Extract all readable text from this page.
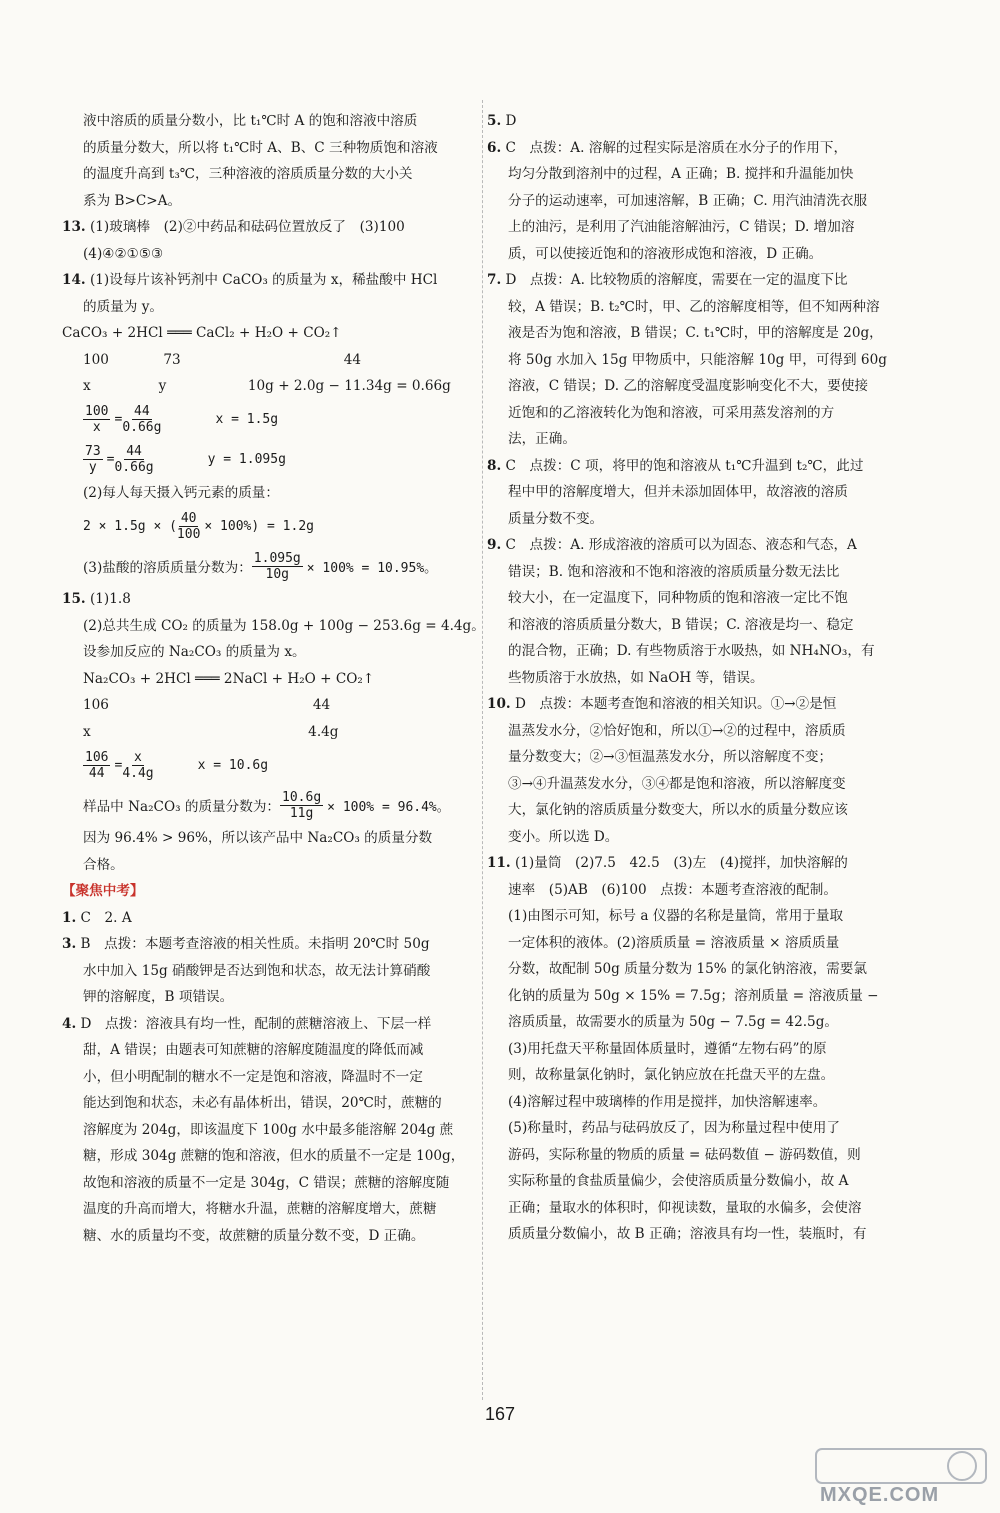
液中溶质的质量分数小，比 t₁℃时 A 的饱和溶液中溶质
的质量分数大，所以将 t₁℃时 A、B、C 三种物质饱和溶液
的温度升高到 t₃℃，三种溶液的溶质质量分数的大小关
系为 B>C>A。
13. (1)玻璃棒　(2)②中药品和砝码位置放反了　(3)100
(4)④②①⑤③
14. (1)设每片该补钙剂中 CaCO₃ 的质量为 x，稀盐酸中 HCl
的质量为 y。
CaCO₃ + 2HCl ═══ CaCl₂ + H₂O + CO₂↑
100　　　　73　　　　　　　　　　　　44
x　　　　　y　　　　　　10g + 2.0g − 11.34g = 0.66g
$\frac{100}{x} = \frac{44}{0.66g}$	x = 1.5g
$\frac{73}{y} = \frac{44}{0.66g}$	y = 1.095g
(2)每人每天摄入钙元素的质量：
2 × 1.5g × ( $\frac{40}{100} \times 100\%) = 1.2g$
(3)盐酸的溶质质量分数为： $\frac{1.095g}{10g} \times 100\% = 10.95\%$。
15. (1)1.8
(2)总共生成 CO₂ 的质量为 158.0g + 100g − 253.6g = 4.4g。
设参加反应的 Na₂CO₃ 的质量为 x。
Na₂CO₃ + 2HCl ═══ 2NaCl + H₂O + CO₂↑
106　　　　　　　　　　　　　　　44
x　　　　　　　　　　　　　　　　4.4g
$\frac{106}{44} = \frac{x}{4.4g}$	x = 10.6g
样品中 Na₂CO₃ 的质量分数为： $\frac{10.6g}{11g} \times 100\% = 96.4\%$。
因为 96.4% > 96%，所以该产品中 Na₂CO₃ 的质量分数
合格。
【聚焦中考】
1. C　2. A
3. B　点拨：本题考查溶液的相关性质。未指明 20℃时 50g
水中加入 15g 硝酸钾是否达到饱和状态，故无法计算硝酸
钾的溶解度，B 项错误。
4. D　点拨：溶液具有均一性，配制的蔗糖溶液上、下层一样
甜，A 错误；由题表可知蔗糖的溶解度随温度的降低而减
小，但小明配制的糖水不一定是饱和溶液，降温时不一定
能达到饱和状态，未必有晶体析出，错误，20℃时，蔗糖的
溶解度为 204g，即该温度下 100g 水中最多能溶解 204g 蔗
糖，形成 304g 蔗糖的饱和溶液，但水的质量不一定是 100g，
故饱和溶液的质量不一定是 304g，C 错误；蔗糖的溶解度随
温度的升高而增大，将糖水升温，蔗糖的溶解度增大，蔗糖
糖、水的质量均不变，故蔗糖的质量分数不变，D 正确。
5. D
6. C　点拨：A. 溶解的过程实际是溶质在水分子的作用下，
均匀分散到溶剂中的过程，A 正确；B. 搅拌和升温能加快
分子的运动速率，可加速溶解，B 正确；C. 用汽油清洗衣服
上的油污，是利用了汽油能溶解油污，C 错误；D. 增加溶
质，可以使接近饱和的溶液形成饱和溶液，D 正确。
7. D　点拨：A. 比较物质的溶解度，需要在一定的温度下比
较，A 错误；B. t₂℃时，甲、乙的溶解度相等，但不知两种溶
液是否为饱和溶液，B 错误；C. t₁℃时，甲的溶解度是 20g，
将 50g 水加入 15g 甲物质中，只能溶解 10g 甲，可得到 60g
溶液，C 错误；D. 乙的溶解度受温度影响变化不大，要使接
近饱和的乙溶液转化为饱和溶液，可采用蒸发溶剂的方
法，正确。
8. C　点拨：C 项，将甲的饱和溶液从 t₁℃升温到 t₂℃，此过
程中甲的溶解度增大，但并未添加固体甲，故溶液的溶质
质量分数不变。
9. C　点拨：A. 形成溶液的溶质可以为固态、液态和气态，A
错误；B. 饱和溶液和不饱和溶液的溶质质量分数无法比
较大小，在一定温度下，同种物质的饱和溶液一定比不饱
和溶液的溶质质量分数大，B 错误；C. 溶液是均一、稳定
的混合物，正确；D. 有些物质溶于水吸热，如 NH₄NO₃，有
些物质溶于水放热，如 NaOH 等，错误。
10. D　点拨：本题考查饱和溶液的相关知识。①→②是恒
温蒸发水分，②恰好饱和，所以①→②的过程中，溶质质
量分数变大；②→③恒温蒸发水分，所以溶解度不变；
③→④升温蒸发水分，③④都是饱和溶液，所以溶解度变
大，氯化钠的溶质质量分数变大，所以水的质量分数应该
变小。所以选 D。
11. (1)量筒　(2)7.5　42.5　(3)左　(4)搅拌，加快溶解的
速率　(5)AB　(6)100　点拨：本题考查溶液的配制。
(1)由图示可知，标号 a 仪器的名称是量筒，常用于量取
一定体积的液体。(2)溶质质量 = 溶液质量 × 溶质质量
分数，故配制 50g 质量分数为 15% 的氯化钠溶液，需要氯
化钠的质量为 50g × 15% = 7.5g；溶剂质量 = 溶液质量 −
溶质质量，故需要水的质量为 50g − 7.5g = 42.5g。
(3)用托盘天平称量固体质量时，遵循“左物右码”的原
则，故称量氯化钠时，氯化钠应放在托盘天平的左盘。
(4)溶解过程中玻璃棒的作用是搅拌，加快溶解速率。
(5)称量时，药品与砝码放反了，因为称量过程中使用了
游码，实际称量的物质的质量 = 砝码数值 − 游码数值，则
实际称量的食盐质量偏少，会使溶质质量分数偏小，故 A
正确；量取水的体积时，仰视读数，量取的水偏多，会使溶
质质量分数偏小，故 B 正确；溶液具有均一性，装瓶时，有
167
MXQE.COM
